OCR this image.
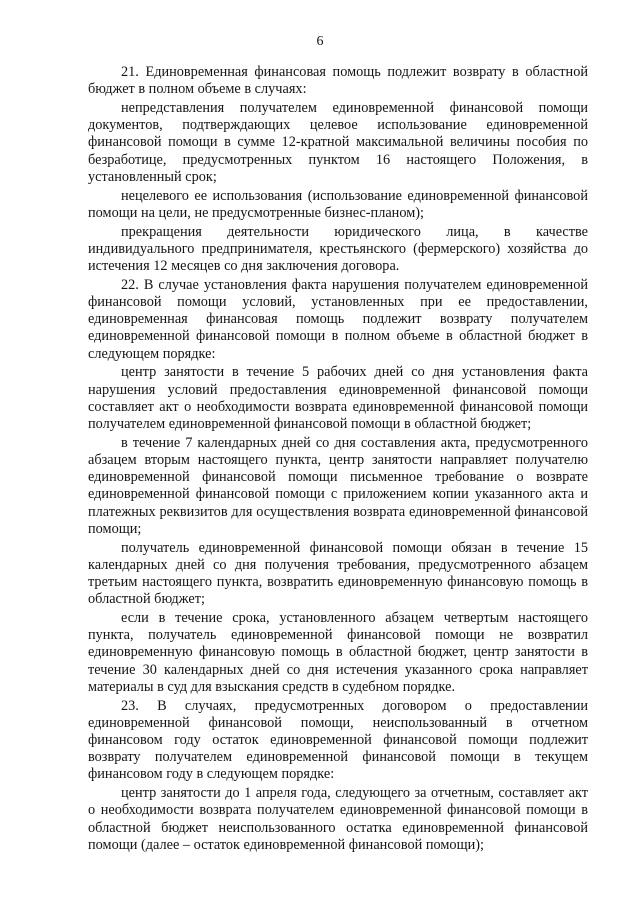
6

21. Единовременная финансовая помощь подлежит возврату в областной бюджет в полном объеме в случаях:

непредставления получателем единовременной финансовой помощи документов, подтверждающих целевое использование единовременной финансовой помощи в сумме 12-кратной максимальной величины пособия по безработице, предусмотренных пунктом 16 настоящего Положения, в установленный срок;

нецелевого ее использования (использование единовременной финансовой помощи на цели, не предусмотренные бизнес-планом);

прекращения деятельности юридического лица, в качестве индивидуального предпринимателя, крестьянского (фермерского) хозяйства до истечения 12 месяцев со дня заключения договора.

22. В случае установления факта нарушения получателем единовременной финансовой помощи условий, установленных при ее предоставлении, единовременная финансовая помощь подлежит возврату получателем единовременной финансовой помощи в полном объеме в областной бюджет в следующем порядке:

центр занятости в течение 5 рабочих дней со дня установления факта нарушения условий предоставления единовременной финансовой помощи составляет акт о необходимости возврата единовременной финансовой помощи получателем единовременной финансовой помощи в областной бюджет;

в течение 7 календарных дней со дня составления акта, предусмотренного абзацем вторым настоящего пункта, центр занятости направляет получателю единовременной финансовой помощи письменное требование о возврате единовременной финансовой помощи с приложением копии указанного акта и платежных реквизитов для осуществления возврата единовременной финансовой помощи;

получатель единовременной финансовой помощи обязан в течение 15 календарных дней со дня получения требования, предусмотренного абзацем третьим настоящего пункта, возвратить единовременную финансовую помощь в областной бюджет;

если в течение срока, установленного абзацем четвертым настоящего пункта, получатель единовременной финансовой помощи не возвратил единовременную финансовую помощь в областной бюджет, центр занятости в течение 30 календарных дней со дня истечения указанного срока направляет материалы в суд для взыскания средств в судебном порядке.

23. В случаях, предусмотренных договором о предоставлении единовременной финансовой помощи, неиспользованный в отчетном финансовом году остаток единовременной финансовой помощи подлежит возврату получателем единовременной финансовой помощи в текущем финансовом году в следующем порядке:

центр занятости до 1 апреля года, следующего за отчетным, составляет акт о необходимости возврата получателем единовременной финансовой помощи в областной бюджет неиспользованного остатка единовременной финансовой помощи (далее – остаток единовременной финансовой помощи);
